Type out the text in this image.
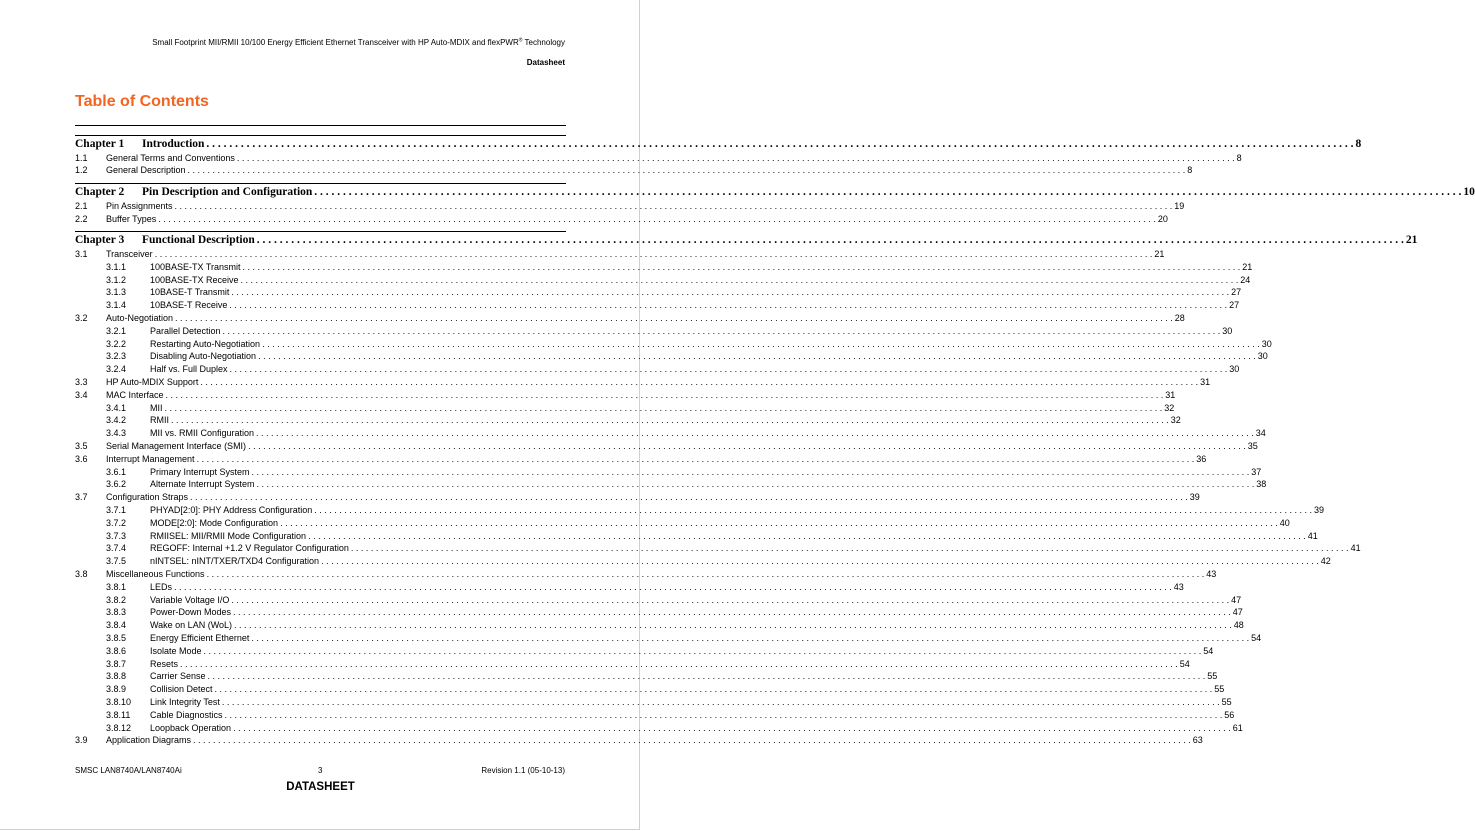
Small Footprint MII/RMII 10/100 Energy Efficient Ethernet Transceiver with HP Auto-MDIX and flexPWR® Technology
Datasheet
Table of Contents
Chapter 1	Introduction . . . . . . . . . . . . . . . . . . . . . . . . . . . . . . . . . . . . . . . . . . . . . . . . . . . . . . . . . . . . . . . . . . . . . . . . . . . . . . . . . . . . . . . . . . . . . . . . . . . . . . . . . . . . . . . . . . . . . . . . . . . . . . . . . . . . . . . . . . . . . . . . . . . . . . . . . . . . . . . . . . . . . . . . . . . . . . . . . . . . . . . . . . . . . . . . . . . . . . . . 8
1.1	General Terms and Conventions . . . . . . . . . . . . . . . . . . . . . . . . . . . . . . . . . . . . . . . . . . . . . . . . . . . . . . . . . . . . . . . . . . . . . . . . . . . . . . . . . . . . . . . . . . . . . . . . . . . . . . . . . . . . . . . . . . . . . . . . . . . . . . . . . . . . . . . . . . . . . . . . . . . . . . . . . . . . . . . . . . . . . . . . . . . . . . . . . . . . . . . . . . . . . . . . . . . . . . . . 8
1.2	General Description . . . . . . . . . . . . . . . . . . . . . . . . . . . . . . . . . . . . . . . . . . . . . . . . . . . . . . . . . . . . . . . . . . . . . . . . . . . . . . . . . . . . . . . . . . . . . . . . . . . . . . . . . . . . . . . . . . . . . . . . . . . . . . . . . . . . . . . . . . . . . . . . . . . . . . . . . . . . . . . . . . . . . . . . . . . . . . . . . . . . . . . . . . . . . . . . . . . . . . . . 8
Chapter 2	Pin Description and Configuration . . . . . . . . . . . . . . . . . . . . . . . . . . . . . . . . . . . . . . . . . . . . . . . . . . . . . . . . . . . . . . . . . . . . . . . . . . . . . . . . . . . . . . . . . . . . . . . . . . . . . . . . . . . . . . . . . . . . . . . . . . . . . . . . . . . . . . . . . . . . . . . . . . . . . . . . . . . . . . . . . . . . . . . . . . . . . . . . . . . . . . . . . . . . . . . . . . . . . . . . 10
2.1	Pin Assignments . . . . . . . . . . . . . . . . . . . . . . . . . . . . . . . . . . . . . . . . . . . . . . . . . . . . . . . . . . . . . . . . . . . . . . . . . . . . . . . . . . . . . . . . . . . . . . . . . . . . . . . . . . . . . . . . . . . . . . . . . . . . . . . . . . . . . . . . . . . . . . . . . . . . . . . . . . . . . . . . . . . . . . . . . . . . . . . . . . . . . . . . . . . . . . . . . . . . . . . . 19
2.2	Buffer Types . . . . . . . . . . . . . . . . . . . . . . . . . . . . . . . . . . . . . . . . . . . . . . . . . . . . . . . . . . . . . . . . . . . . . . . . . . . . . . . . . . . . . . . . . . . . . . . . . . . . . . . . . . . . . . . . . . . . . . . . . . . . . . . . . . . . . . . . . . . . . . . . . . . . . . . . . . . . . . . . . . . . . . . . . . . . . . . . . . . . . . . . . . . . . . . . . . . . . . . . 20
Chapter 3	Functional Description . . . . . . . . . . . . . . . . . . . . . . . . . . . . . . . . . . . . . . . . . . . . . . . . . . . . . . . . . . . . . . . . . . . . . . . . . . . . . . . . . . . . . . . . . . . . . . . . . . . . . . . . . . . . . . . . . . . . . . . . . . . . . . . . . . . . . . . . . . . . . . . . . . . . . . . . . . . . . . . . . . . . . . . . . . . . . . . . . . . . . . . . . . . . . . . . . . . . . . . . 21
3.1	Transceiver . . . . . . . . . . . . . . . . . . . . . . . . . . . . . . . . . . . . . . . . . . . . . . . . . . . . . . . . . . . . . . . . . . . . . . . . . . . . . . . . . . . . . . . . . . . . . . . . . . . . . . . . . . . . . . . . . . . . . . . . . . . . . . . . . . . . . . . . . . . . . . . . . . . . . . . . . . . . . . . . . . . . . . . . . . . . . . . . . . . . . . . . . . . . . . . . . . . . . . . . 21
3.1.1	100BASE-TX Transmit . . . . . . . . . . . . . . . . . . . . . . . . . . . . . . . . . . . . . . . . . . . . . . . . . . . . . . . . . . . . . . . . . . . . . . . . . . . . . . . . . . . . . . . . . . . . . . . . . . . . . . . . . . . . . . . . . . . . . . . . . . . . . . . . . . . . . . . . . . . . . . . . . . . . . . . . . . . . . . . . . . . . . . . . . . . . . . . . . . . . . . . . . . . . . . . . . . . . . . . . 21
3.1.2	100BASE-TX Receive . . . . . . . . . . . . . . . . . . . . . . . . . . . . . . . . . . . . . . . . . . . . . . . . . . . . . . . . . . . . . . . . . . . . . . . . . . . . . . . . . . . . . . . . . . . . . . . . . . . . . . . . . . . . . . . . . . . . . . . . . . . . . . . . . . . . . . . . . . . . . . . . . . . . . . . . . . . . . . . . . . . . . . . . . . . . . . . . . . . . . . . . . . . . . . . . . . . . . . . . 24
3.1.3	10BASE-T Transmit . . . . . . . . . . . . . . . . . . . . . . . . . . . . . . . . . . . . . . . . . . . . . . . . . . . . . . . . . . . . . . . . . . . . . . . . . . . . . . . . . . . . . . . . . . . . . . . . . . . . . . . . . . . . . . . . . . . . . . . . . . . . . . . . . . . . . . . . . . . . . . . . . . . . . . . . . . . . . . . . . . . . . . . . . . . . . . . . . . . . . . . . . . . . . . . . . . . . . . . . 27
3.1.4	10BASE-T Receive . . . . . . . . . . . . . . . . . . . . . . . . . . . . . . . . . . . . . . . . . . . . . . . . . . . . . . . . . . . . . . . . . . . . . . . . . . . . . . . . . . . . . . . . . . . . . . . . . . . . . . . . . . . . . . . . . . . . . . . . . . . . . . . . . . . . . . . . . . . . . . . . . . . . . . . . . . . . . . . . . . . . . . . . . . . . . . . . . . . . . . . . . . . . . . . . . . . . . . . . 27
3.2	Auto-Negotiation . . . . . . . . . . . . . . . . . . . . . . . . . . . . . . . . . . . . . . . . . . . . . . . . . . . . . . . . . . . . . . . . . . . . . . . . . . . . . . . . . . . . . . . . . . . . . . . . . . . . . . . . . . . . . . . . . . . . . . . . . . . . . . . . . . . . . . . . . . . . . . . . . . . . . . . . . . . . . . . . . . . . . . . . . . . . . . . . . . . . . . . . . . . . . . . . . . . . . . . . 28
3.2.1	Parallel Detection . . . . . . . . . . . . . . . . . . . . . . . . . . . . . . . . . . . . . . . . . . . . . . . . . . . . . . . . . . . . . . . . . . . . . . . . . . . . . . . . . . . . . . . . . . . . . . . . . . . . . . . . . . . . . . . . . . . . . . . . . . . . . . . . . . . . . . . . . . . . . . . . . . . . . . . . . . . . . . . . . . . . . . . . . . . . . . . . . . . . . . . . . . . . . . . . . . . . . . . . 30
3.2.2	Restarting Auto-Negotiation . . . . . . . . . . . . . . . . . . . . . . . . . . . . . . . . . . . . . . . . . . . . . . . . . . . . . . . . . . . . . . . . . . . . . . . . . . . . . . . . . . . . . . . . . . . . . . . . . . . . . . . . . . . . . . . . . . . . . . . . . . . . . . . . . . . . . . . . . . . . . . . . . . . . . . . . . . . . . . . . . . . . . . . . . . . . . . . . . . . . . . . . . . . . . . . . . . . . . . . . 30
3.2.3	Disabling Auto-Negotiation . . . . . . . . . . . . . . . . . . . . . . . . . . . . . . . . . . . . . . . . . . . . . . . . . . . . . . . . . . . . . . . . . . . . . . . . . . . . . . . . . . . . . . . . . . . . . . . . . . . . . . . . . . . . . . . . . . . . . . . . . . . . . . . . . . . . . . . . . . . . . . . . . . . . . . . . . . . . . . . . . . . . . . . . . . . . . . . . . . . . . . . . . . . . . . . . . . . . . . . . 30
3.2.4	Half vs. Full Duplex . . . . . . . . . . . . . . . . . . . . . . . . . . . . . . . . . . . . . . . . . . . . . . . . . . . . . . . . . . . . . . . . . . . . . . . . . . . . . . . . . . . . . . . . . . . . . . . . . . . . . . . . . . . . . . . . . . . . . . . . . . . . . . . . . . . . . . . . . . . . . . . . . . . . . . . . . . . . . . . . . . . . . . . . . . . . . . . . . . . . . . . . . . . . . . . . . . . . . . . . 30
3.3	HP Auto-MDIX Support . . . . . . . . . . . . . . . . . . . . . . . . . . . . . . . . . . . . . . . . . . . . . . . . . . . . . . . . . . . . . . . . . . . . . . . . . . . . . . . . . . . . . . . . . . . . . . . . . . . . . . . . . . . . . . . . . . . . . . . . . . . . . . . . . . . . . . . . . . . . . . . . . . . . . . . . . . . . . . . . . . . . . . . . . . . . . . . . . . . . . . . . . . . . . . . . . . . . . . . . 31
3.4	MAC Interface . . . . . . . . . . . . . . . . . . . . . . . . . . . . . . . . . . . . . . . . . . . . . . . . . . . . . . . . . . . . . . . . . . . . . . . . . . . . . . . . . . . . . . . . . . . . . . . . . . . . . . . . . . . . . . . . . . . . . . . . . . . . . . . . . . . . . . . . . . . . . . . . . . . . . . . . . . . . . . . . . . . . . . . . . . . . . . . . . . . . . . . . . . . . . . . . . . . . . . . . 31
3.4.1	MII . . . . . . . . . . . . . . . . . . . . . . . . . . . . . . . . . . . . . . . . . . . . . . . . . . . . . . . . . . . . . . . . . . . . . . . . . . . . . . . . . . . . . . . . . . . . . . . . . . . . . . . . . . . . . . . . . . . . . . . . . . . . . . . . . . . . . . . . . . . . . . . . . . . . . . . . . . . . . . . . . . . . . . . . . . . . . . . . . . . . . . . . . . . . . . . . . . . . . . . . 32
3.4.2	RMII . . . . . . . . . . . . . . . . . . . . . . . . . . . . . . . . . . . . . . . . . . . . . . . . . . . . . . . . . . . . . . . . . . . . . . . . . . . . . . . . . . . . . . . . . . . . . . . . . . . . . . . . . . . . . . . . . . . . . . . . . . . . . . . . . . . . . . . . . . . . . . . . . . . . . . . . . . . . . . . . . . . . . . . . . . . . . . . . . . . . . . . . . . . . . . . . . . . . . . . . 32
3.4.3	MII vs. RMII Configuration . . . . . . . . . . . . . . . . . . . . . . . . . . . . . . . . . . . . . . . . . . . . . . . . . . . . . . . . . . . . . . . . . . . . . . . . . . . . . . . . . . . . . . . . . . . . . . . . . . . . . . . . . . . . . . . . . . . . . . . . . . . . . . . . . . . . . . . . . . . . . . . . . . . . . . . . . . . . . . . . . . . . . . . . . . . . . . . . . . . . . . . . . . . . . . . . . . . . . . . . 34
3.5	Serial Management Interface (SMI) . . . . . . . . . . . . . . . . . . . . . . . . . . . . . . . . . . . . . . . . . . . . . . . . . . . . . . . . . . . . . . . . . . . . . . . . . . . . . . . . . . . . . . . . . . . . . . . . . . . . . . . . . . . . . . . . . . . . . . . . . . . . . . . . . . . . . . . . . . . . . . . . . . . . . . . . . . . . . . . . . . . . . . . . . . . . . . . . . . . . . . . . . . . . . . . . . . . . . . . . 35
3.6	Interrupt Management . . . . . . . . . . . . . . . . . . . . . . . . . . . . . . . . . . . . . . . . . . . . . . . . . . . . . . . . . . . . . . . . . . . . . . . . . . . . . . . . . . . . . . . . . . . . . . . . . . . . . . . . . . . . . . . . . . . . . . . . . . . . . . . . . . . . . . . . . . . . . . . . . . . . . . . . . . . . . . . . . . . . . . . . . . . . . . . . . . . . . . . . . . . . . . . . . . . . . . . . 36
3.6.1	Primary Interrupt System . . . . . . . . . . . . . . . . . . . . . . . . . . . . . . . . . . . . . . . . . . . . . . . . . . . . . . . . . . . . . . . . . . . . . . . . . . . . . . . . . . . . . . . . . . . . . . . . . . . . . . . . . . . . . . . . . . . . . . . . . . . . . . . . . . . . . . . . . . . . . . . . . . . . . . . . . . . . . . . . . . . . . . . . . . . . . . . . . . . . . . . . . . . . . . . . . . . . . . . . 37
3.6.2	Alternate Interrupt System . . . . . . . . . . . . . . . . . . . . . . . . . . . . . . . . . . . . . . . . . . . . . . . . . . . . . . . . . . . . . . . . . . . . . . . . . . . . . . . . . . . . . . . . . . . . . . . . . . . . . . . . . . . . . . . . . . . . . . . . . . . . . . . . . . . . . . . . . . . . . . . . . . . . . . . . . . . . . . . . . . . . . . . . . . . . . . . . . . . . . . . . . . . . . . . . . . . . . . . . 38
3.7	Configuration Straps . . . . . . . . . . . . . . . . . . . . . . . . . . . . . . . . . . . . . . . . . . . . . . . . . . . . . . . . . . . . . . . . . . . . . . . . . . . . . . . . . . . . . . . . . . . . . . . . . . . . . . . . . . . . . . . . . . . . . . . . . . . . . . . . . . . . . . . . . . . . . . . . . . . . . . . . . . . . . . . . . . . . . . . . . . . . . . . . . . . . . . . . . . . . . . . . . . . . . . . . 39
3.7.1	PHYAD[2:0]: PHY Address Configuration . . . . . . . . . . . . . . . . . . . . . . . . . . . . . . . . . . . . . . . . . . . . . . . . . . . . . . . . . . . . . . . . . . . . . . . . . . . . . . . . . . . . . . . . . . . . . . . . . . . . . . . . . . . . . . . . . . . . . . . . . . . . . . . . . . . . . . . . . . . . . . . . . . . . . . . . . . . . . . . . . . . . . . . . . . . . . . . . . . . . . . . . . . . . . . . . . . . . . . . . 39
3.7.2	MODE[2:0]: Mode Configuration . . . . . . . . . . . . . . . . . . . . . . . . . . . . . . . . . . . . . . . . . . . . . . . . . . . . . . . . . . . . . . . . . . . . . . . . . . . . . . . . . . . . . . . . . . . . . . . . . . . . . . . . . . . . . . . . . . . . . . . . . . . . . . . . . . . . . . . . . . . . . . . . . . . . . . . . . . . . . . . . . . . . . . . . . . . . . . . . . . . . . . . . . . . . . . . . . . . . . . . . 40
3.7.3	RMIISEL: MII/RMII Mode Configuration . . . . . . . . . . . . . . . . . . . . . . . . . . . . . . . . . . . . . . . . . . . . . . . . . . . . . . . . . . . . . . . . . . . . . . . . . . . . . . . . . . . . . . . . . . . . . . . . . . . . . . . . . . . . . . . . . . . . . . . . . . . . . . . . . . . . . . . . . . . . . . . . . . . . . . . . . . . . . . . . . . . . . . . . . . . . . . . . . . . . . . . . . . . . . . . . . . . . . . . . 41
3.7.4	REGOFF: Internal +1.2 V Regulator Configuration . . . . . . . . . . . . . . . . . . . . . . . . . . . . . . . . . . . . . . . . . . . . . . . . . . . . . . . . . . . . . . . . . . . . . . . . . . . . . . . . . . . . . . . . . . . . . . . . . . . . . . . . . . . . . . . . . . . . . . . . . . . . . . . . . . . . . . . . . . . . . . . . . . . . . . . . . . . . . . . . . . . . . . . . . . . . . . . . . . . . . . . . . . . . . . . . . . . . . . . . 41
3.7.5	nINTSEL: nINT/TXER/TXD4 Configuration . . . . . . . . . . . . . . . . . . . . . . . . . . . . . . . . . . . . . . . . . . . . . . . . . . . . . . . . . . . . . . . . . . . . . . . . . . . . . . . . . . . . . . . . . . . . . . . . . . . . . . . . . . . . . . . . . . . . . . . . . . . . . . . . . . . . . . . . . . . . . . . . . . . . . . . . . . . . . . . . . . . . . . . . . . . . . . . . . . . . . . . . . . . . . . . . . . . . . . . . 42
3.8	Miscellaneous Functions . . . . . . . . . . . . . . . . . . . . . . . . . . . . . . . . . . . . . . . . . . . . . . . . . . . . . . . . . . . . . . . . . . . . . . . . . . . . . . . . . . . . . . . . . . . . . . . . . . . . . . . . . . . . . . . . . . . . . . . . . . . . . . . . . . . . . . . . . . . . . . . . . . . . . . . . . . . . . . . . . . . . . . . . . . . . . . . . . . . . . . . . . . . . . . . . . . . . . . . . 43
3.8.1	LEDs . . . . . . . . . . . . . . . . . . . . . . . . . . . . . . . . . . . . . . . . . . . . . . . . . . . . . . . . . . . . . . . . . . . . . . . . . . . . . . . . . . . . . . . . . . . . . . . . . . . . . . . . . . . . . . . . . . . . . . . . . . . . . . . . . . . . . . . . . . . . . . . . . . . . . . . . . . . . . . . . . . . . . . . . . . . . . . . . . . . . . . . . . . . . . . . . . . . . . . . . 43
3.8.2	Variable Voltage I/O . . . . . . . . . . . . . . . . . . . . . . . . . . . . . . . . . . . . . . . . . . . . . . . . . . . . . . . . . . . . . . . . . . . . . . . . . . . . . . . . . . . . . . . . . . . . . . . . . . . . . . . . . . . . . . . . . . . . . . . . . . . . . . . . . . . . . . . . . . . . . . . . . . . . . . . . . . . . . . . . . . . . . . . . . . . . . . . . . . . . . . . . . . . . . . . . . . . . . . . . 47
3.8.3	Power-Down Modes . . . . . . . . . . . . . . . . . . . . . . . . . . . . . . . . . . . . . . . . . . . . . . . . . . . . . . . . . . . . . . . . . . . . . . . . . . . . . . . . . . . . . . . . . . . . . . . . . . . . . . . . . . . . . . . . . . . . . . . . . . . . . . . . . . . . . . . . . . . . . . . . . . . . . . . . . . . . . . . . . . . . . . . . . . . . . . . . . . . . . . . . . . . . . . . . . . . . . . . . 47
3.8.4	Wake on LAN (WoL) . . . . . . . . . . . . . . . . . . . . . . . . . . . . . . . . . . . . . . . . . . . . . . . . . . . . . . . . . . . . . . . . . . . . . . . . . . . . . . . . . . . . . . . . . . . . . . . . . . . . . . . . . . . . . . . . . . . . . . . . . . . . . . . . . . . . . . . . . . . . . . . . . . . . . . . . . . . . . . . . . . . . . . . . . . . . . . . . . . . . . . . . . . . . . . . . . . . . . . . . 48
3.8.5	Energy Efficient Ethernet . . . . . . . . . . . . . . . . . . . . . . . . . . . . . . . . . . . . . . . . . . . . . . . . . . . . . . . . . . . . . . . . . . . . . . . . . . . . . . . . . . . . . . . . . . . . . . . . . . . . . . . . . . . . . . . . . . . . . . . . . . . . . . . . . . . . . . . . . . . . . . . . . . . . . . . . . . . . . . . . . . . . . . . . . . . . . . . . . . . . . . . . . . . . . . . . . . . . . . . . 54
3.8.6	Isolate Mode . . . . . . . . . . . . . . . . . . . . . . . . . . . . . . . . . . . . . . . . . . . . . . . . . . . . . . . . . . . . . . . . . . . . . . . . . . . . . . . . . . . . . . . . . . . . . . . . . . . . . . . . . . . . . . . . . . . . . . . . . . . . . . . . . . . . . . . . . . . . . . . . . . . . . . . . . . . . . . . . . . . . . . . . . . . . . . . . . . . . . . . . . . . . . . . . . . . . . . . . 54
3.8.7	Resets . . . . . . . . . . . . . . . . . . . . . . . . . . . . . . . . . . . . . . . . . . . . . . . . . . . . . . . . . . . . . . . . . . . . . . . . . . . . . . . . . . . . . . . . . . . . . . . . . . . . . . . . . . . . . . . . . . . . . . . . . . . . . . . . . . . . . . . . . . . . . . . . . . . . . . . . . . . . . . . . . . . . . . . . . . . . . . . . . . . . . . . . . . . . . . . . . . . . . . . . 54
3.8.8	Carrier Sense . . . . . . . . . . . . . . . . . . . . . . . . . . . . . . . . . . . . . . . . . . . . . . . . . . . . . . . . . . . . . . . . . . . . . . . . . . . . . . . . . . . . . . . . . . . . . . . . . . . . . . . . . . . . . . . . . . . . . . . . . . . . . . . . . . . . . . . . . . . . . . . . . . . . . . . . . . . . . . . . . . . . . . . . . . . . . . . . . . . . . . . . . . . . . . . . . . . . . . . . 55
3.8.9	Collision Detect . . . . . . . . . . . . . . . . . . . . . . . . . . . . . . . . . . . . . . . . . . . . . . . . . . . . . . . . . . . . . . . . . . . . . . . . . . . . . . . . . . . . . . . . . . . . . . . . . . . . . . . . . . . . . . . . . . . . . . . . . . . . . . . . . . . . . . . . . . . . . . . . . . . . . . . . . . . . . . . . . . . . . . . . . . . . . . . . . . . . . . . . . . . . . . . . . . . . . . . . 55
3.8.10	Link Integrity Test . . . . . . . . . . . . . . . . . . . . . . . . . . . . . . . . . . . . . . . . . . . . . . . . . . . . . . . . . . . . . . . . . . . . . . . . . . . . . . . . . . . . . . . . . . . . . . . . . . . . . . . . . . . . . . . . . . . . . . . . . . . . . . . . . . . . . . . . . . . . . . . . . . . . . . . . . . . . . . . . . . . . . . . . . . . . . . . . . . . . . . . . . . . . . . . . . . . . . . . . 55
3.8.11	Cable Diagnostics . . . . . . . . . . . . . . . . . . . . . . . . . . . . . . . . . . . . . . . . . . . . . . . . . . . . . . . . . . . . . . . . . . . . . . . . . . . . . . . . . . . . . . . . . . . . . . . . . . . . . . . . . . . . . . . . . . . . . . . . . . . . . . . . . . . . . . . . . . . . . . . . . . . . . . . . . . . . . . . . . . . . . . . . . . . . . . . . . . . . . . . . . . . . . . . . . . . . . . . . 56
3.8.12	Loopback Operation . . . . . . . . . . . . . . . . . . . . . . . . . . . . . . . . . . . . . . . . . . . . . . . . . . . . . . . . . . . . . . . . . . . . . . . . . . . . . . . . . . . . . . . . . . . . . . . . . . . . . . . . . . . . . . . . . . . . . . . . . . . . . . . . . . . . . . . . . . . . . . . . . . . . . . . . . . . . . . . . . . . . . . . . . . . . . . . . . . . . . . . . . . . . . . . . . . . . . . . . 61
3.9	Application Diagrams . . . . . . . . . . . . . . . . . . . . . . . . . . . . . . . . . . . . . . . . . . . . . . . . . . . . . . . . . . . . . . . . . . . . . . . . . . . . . . . . . . . . . . . . . . . . . . . . . . . . . . . . . . . . . . . . . . . . . . . . . . . . . . . . . . . . . . . . . . . . . . . . . . . . . . . . . . . . . . . . . . . . . . . . . . . . . . . . . . . . . . . . . . . . . . . . . . . . . . . . 63
SMSC LAN8740A/LAN8740Ai	3	Revision 1.1 (05-10-13)
DATASHEET
